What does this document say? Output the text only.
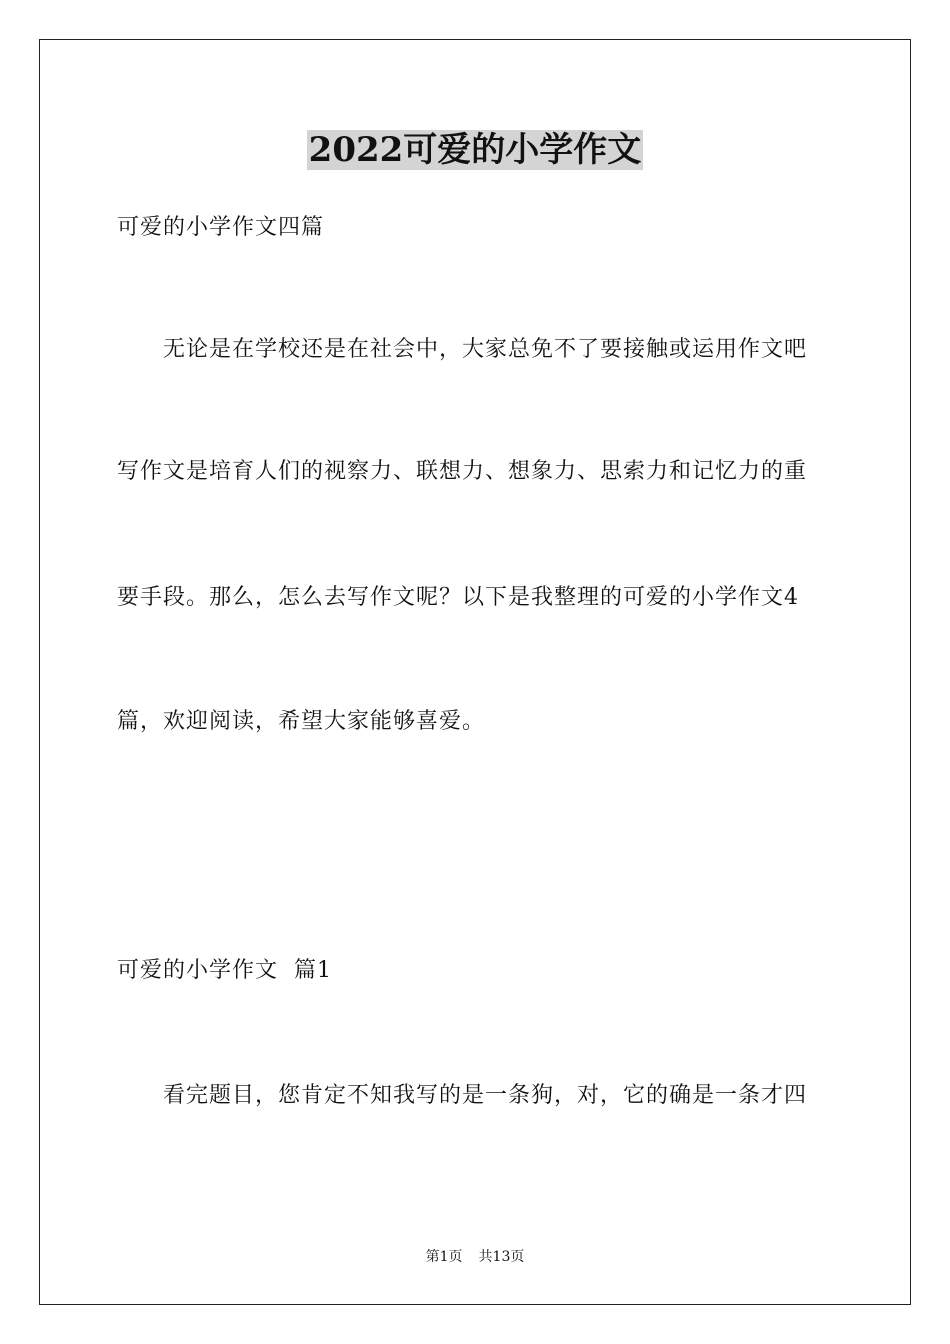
2022可爱的小学作文
可爱的小学作文四篇
无论是在学校还是在社会中，大家总免不了要接触或运用作文吧
写作文是培育人们的视察力、联想力、想象力、思索力和记忆力的重
要手段。那么，怎么去写作文呢？以下是我整理的可爱的小学作文4
篇，欢迎阅读，希望大家能够喜爱。
可爱的小学作文  篇1
看完题目，您肯定不知我写的是一条狗，对，它的确是一条才四
第1页 共13页
